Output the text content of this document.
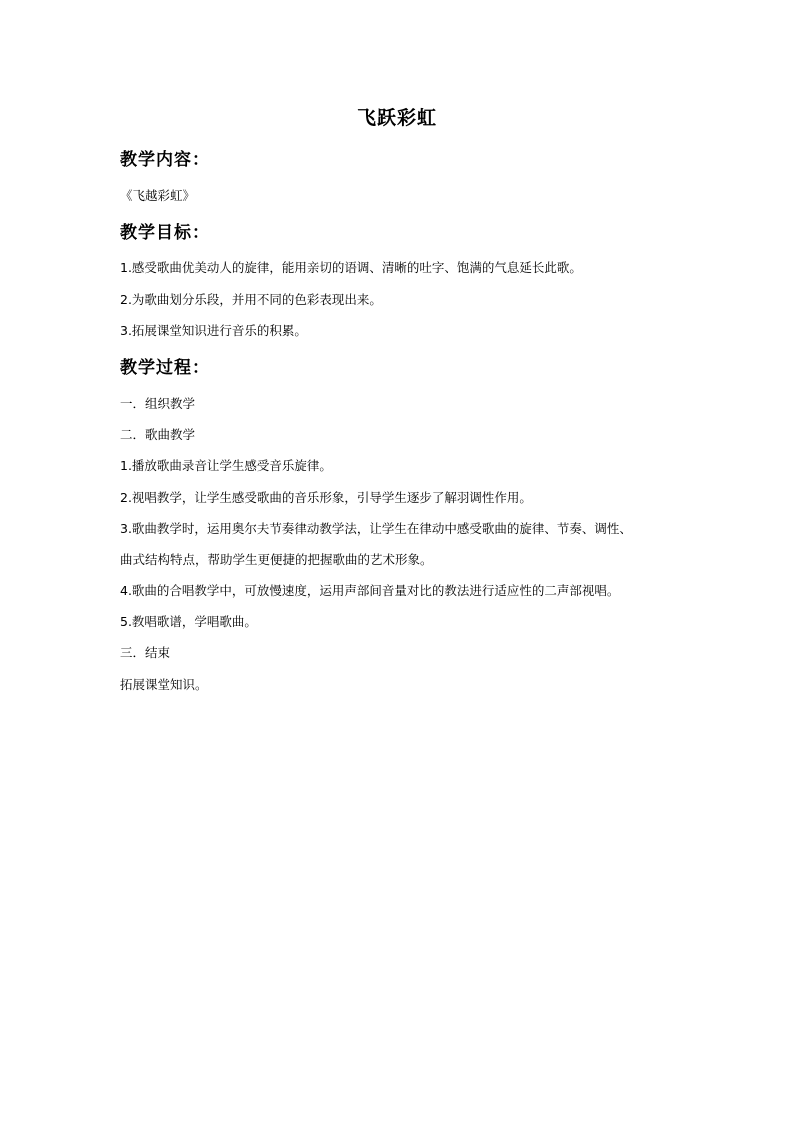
飞跃彩虹
教学内容：
《飞越彩虹》
教学目标：
1.感受歌曲优美动人的旋律，能用亲切的语调、清晰的吐字、饱满的气息延长此歌。
2.为歌曲划分乐段，并用不同的色彩表现出来。
3.拓展课堂知识进行音乐的积累。
教学过程：
一．组织教学
二．歌曲教学
1.播放歌曲录音让学生感受音乐旋律。
2.视唱教学，让学生感受歌曲的音乐形象，引导学生逐步了解羽调性作用。
3.歌曲教学时，运用奥尔夫节奏律动教学法，让学生在律动中感受歌曲的旋律、节奏、调性、
曲式结构特点，帮助学生更便捷的把握歌曲的艺术形象。
4.歌曲的合唱教学中，可放慢速度，运用声部间音量对比的教法进行适应性的二声部视唱。
5.教唱歌谱，学唱歌曲。
三．结束
拓展课堂知识。
